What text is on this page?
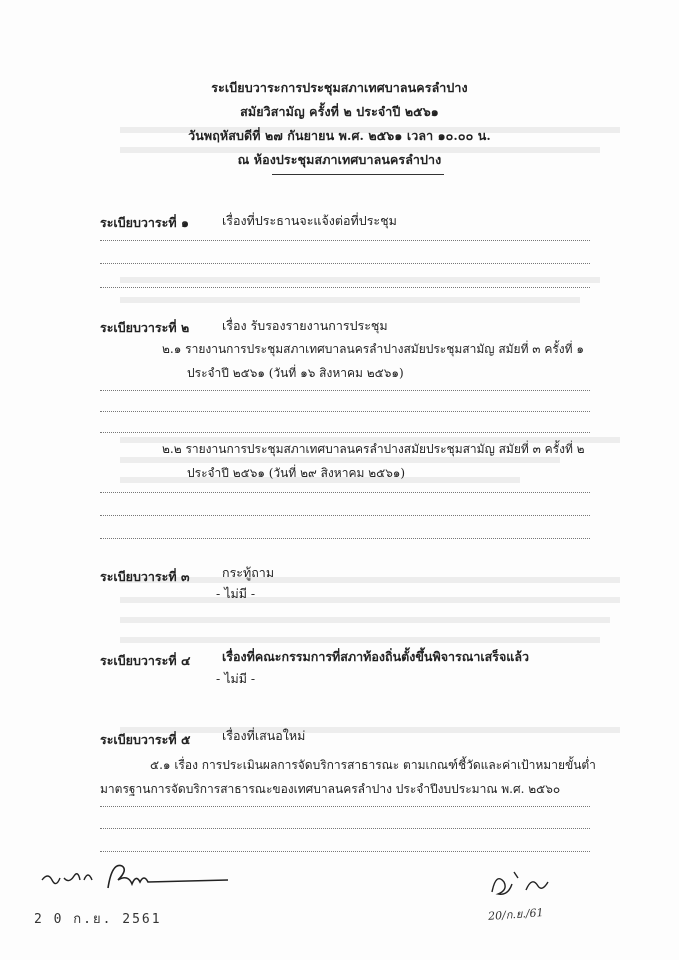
ระเบียบวาระการประชุมสภาเทศบาลนครลำปาง
สมัยวิสามัญ ครั้งที่ ๒ ประจำปี ๒๕๖๑
วันพฤหัสบดีที่ ๒๗ กันยายน พ.ศ. ๒๕๖๑ เวลา ๑๐.๐๐ น.
ณ ห้องประชุมสภาเทศบาลนครลำปาง
ระเบียบวาระที่ ๑	เรื่องที่ประธานจะแจ้งต่อที่ประชุม
ระเบียบวาระที่ ๒	เรื่อง รับรองรายงานการประชุม
๒.๑ รายงานการประชุมสภาเทศบาลนครลำปางสมัยประชุมสามัญ สมัยที่ ๓ ครั้งที่ ๑
ประจำปี ๒๕๖๑ (วันที่ ๑๖ สิงหาคม ๒๕๖๑)
๒.๒ รายงานการประชุมสภาเทศบาลนครลำปางสมัยประชุมสามัญ สมัยที่ ๓ ครั้งที่ ๒
ประจำปี ๒๕๖๑ (วันที่ ๒๙ สิงหาคม ๒๕๖๑)
ระเบียบวาระที่ ๓	กระทู้ถาม
- ไม่มี -
ระเบียบวาระที่ ๔	เรื่องที่คณะกรรมการที่สภาท้องถิ่นตั้งขึ้นพิจารณาเสร็จแล้ว
- ไม่มี -
ระเบียบวาระที่ ๕	เรื่องที่เสนอใหม่
๕.๑ เรื่อง การประเมินผลการจัดบริการสาธารณะ ตามเกณฑ์ชี้วัดและค่าเป้าหมายขั้นต่ำ
มาตรฐานการจัดบริการสาธารณะของเทศบาลนครลำปาง ประจำปีงบประมาณ พ.ศ. ๒๕๖๐
2 0 ก.ย. 2561	20/ก.ย./61
